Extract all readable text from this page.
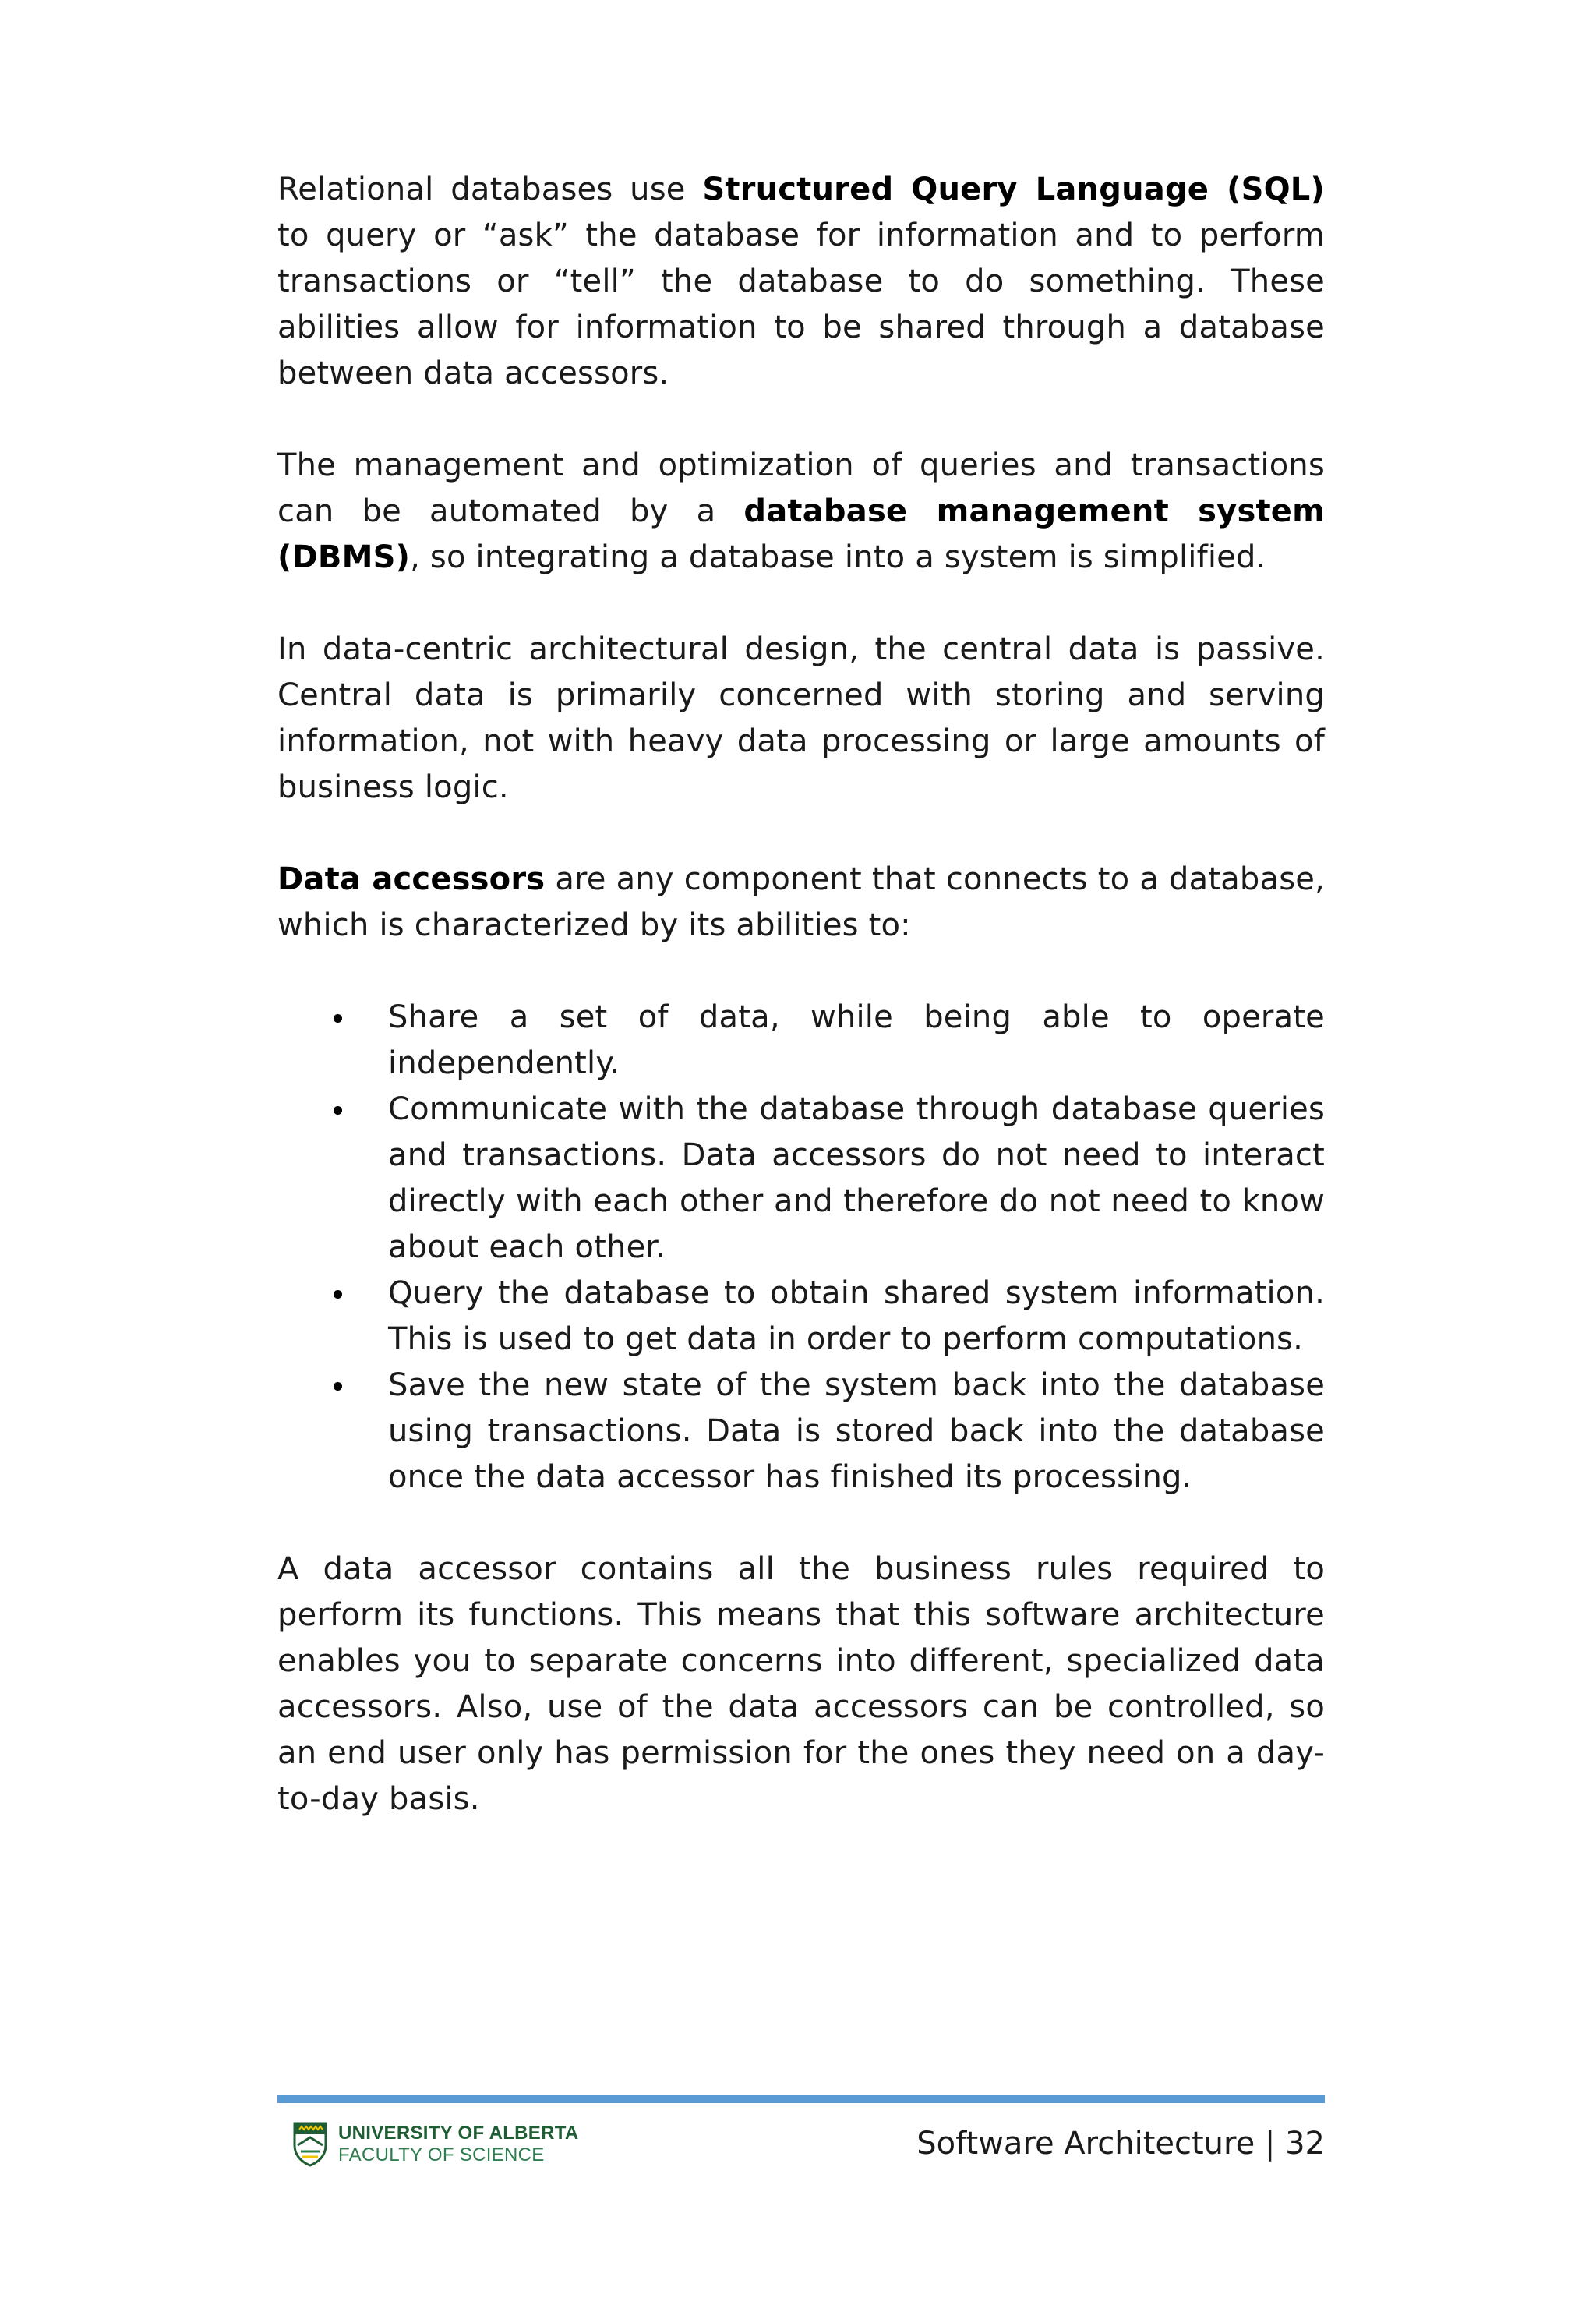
Relational databases use Structured Query Language (SQL) to query or “ask” the database for information and to perform transactions or “tell” the database to do something. These abilities allow for information to be shared through a database between data accessors.

The management and optimization of queries and transactions can be automated by a database management system (DBMS), so integrating a database into a system is simplified.

In data-centric architectural design, the central data is passive. Central data is primarily concerned with storing and serving information, not with heavy data processing or large amounts of business logic.

Data accessors are any component that connects to a database, which is characterized by its abilities to:

Share a set of data, while being able to operate independently.
Communicate with the database through database queries and transactions. Data accessors do not need to interact directly with each other and therefore do not need to know about each other.
Query the database to obtain shared system information. This is used to get data in order to perform computations.
Save the new state of the system back into the database using transactions. Data is stored back into the database once the data accessor has finished its processing.

A data accessor contains all the business rules required to perform its functions. This means that this software architecture enables you to separate concerns into different, specialized data accessors. Also, use of the data accessors can be controlled, so an end user only has permission for the ones they need on a day-to-day basis.

UNIVERSITY OF ALBERTA
FACULTY OF SCIENCE	Software Architecture | 32
